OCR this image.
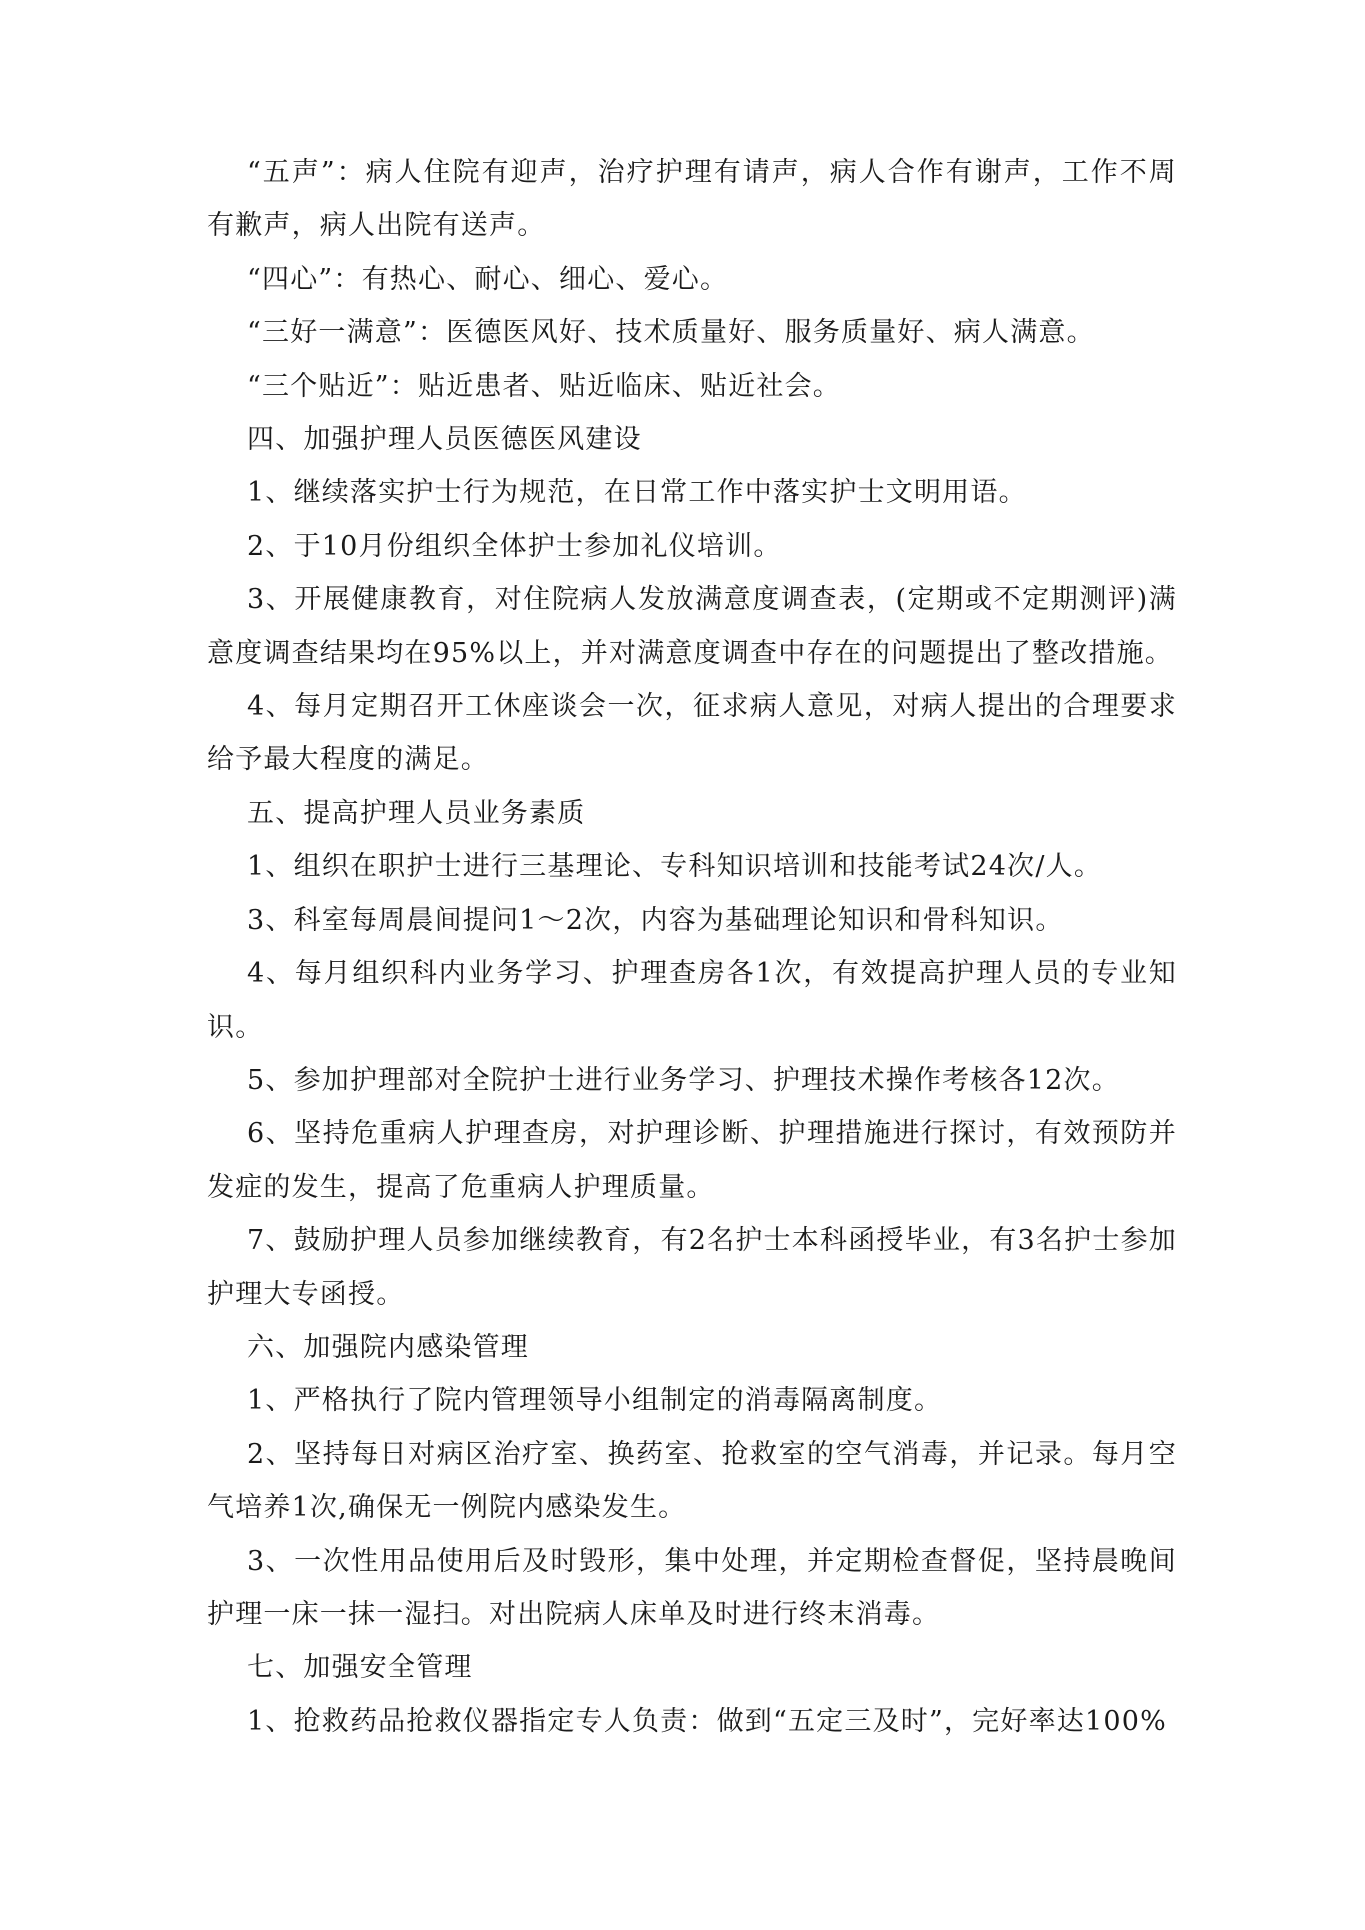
“五声”：病人住院有迎声，治疗护理有请声，病人合作有谢声，工作不周有歉声，病人出院有送声。

“四心”：有热心、耐心、细心、爱心。

“三好一满意”：医德医风好、技术质量好、服务质量好、病人满意。

“三个贴近”：贴近患者、贴近临床、贴近社会。

四、加强护理人员医德医风建设

1、继续落实护士行为规范，在日常工作中落实护士文明用语。

2、于10月份组织全体护士参加礼仪培训。

3、开展健康教育，对住院病人发放满意度调查表，(定期或不定期测评)满意度调查结果均在95%以上，并对满意度调查中存在的问题提出了整改措施。

4、每月定期召开工休座谈会一次，征求病人意见，对病人提出的合理要求给予最大程度的满足。

五、提高护理人员业务素质

1、组织在职护士进行三基理论、专科知识培训和技能考试24次/人。

3、科室每周晨间提问1～2次，内容为基础理论知识和骨科知识。

4、每月组织科内业务学习、护理查房各1次，有效提高护理人员的专业知识。

5、参加护理部对全院护士进行业务学习、护理技术操作考核各12次。

6、坚持危重病人护理查房，对护理诊断、护理措施进行探讨，有效预防并发症的发生，提高了危重病人护理质量。

7、鼓励护理人员参加继续教育，有2名护士本科函授毕业，有3名护士参加护理大专函授。

六、加强院内感染管理

1、严格执行了院内管理领导小组制定的消毒隔离制度。

2、坚持每日对病区治疗室、换药室、抢救室的空气消毒，并记录。每月空气培养1次,确保无一例院内感染发生。

3、一次性用品使用后及时毁形，集中处理，并定期检查督促，坚持晨晚间护理一床一抹一湿扫。对出院病人床单及时进行终末消毒。

七、加强安全管理

1、抢救药品抢救仪器指定专人负责：做到“五定三及时”，完好率达100%
